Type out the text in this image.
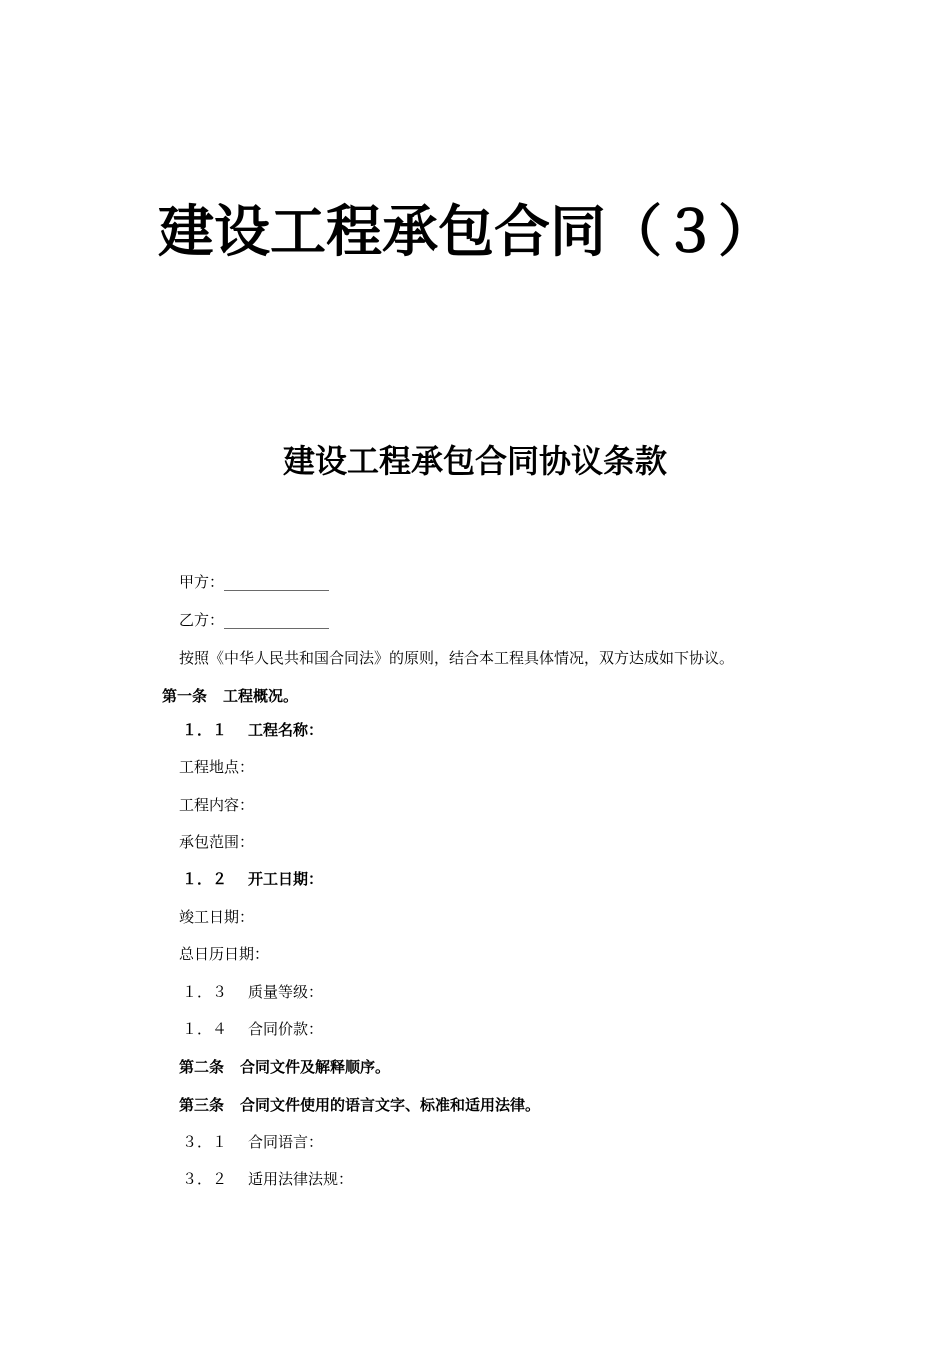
建设工程承包合同（３）
建设工程承包合同协议条款
甲方：______________
乙方：______________
按照《中华人民共和国合同法》的原则，结合本工程具体情况，双方达成如下协议。
第一条 工程概况。
１．１ 工程名称：
工程地点：
工程内容：
承包范围：
１．２ 开工日期：
竣工日期：
总日历日期：
１．３ 质量等级：
１．４ 合同价款：
第二条 合同文件及解释顺序。
第三条 合同文件使用的语言文字、标准和适用法律。
３．１ 合同语言：
３．２ 适用法律法规：
